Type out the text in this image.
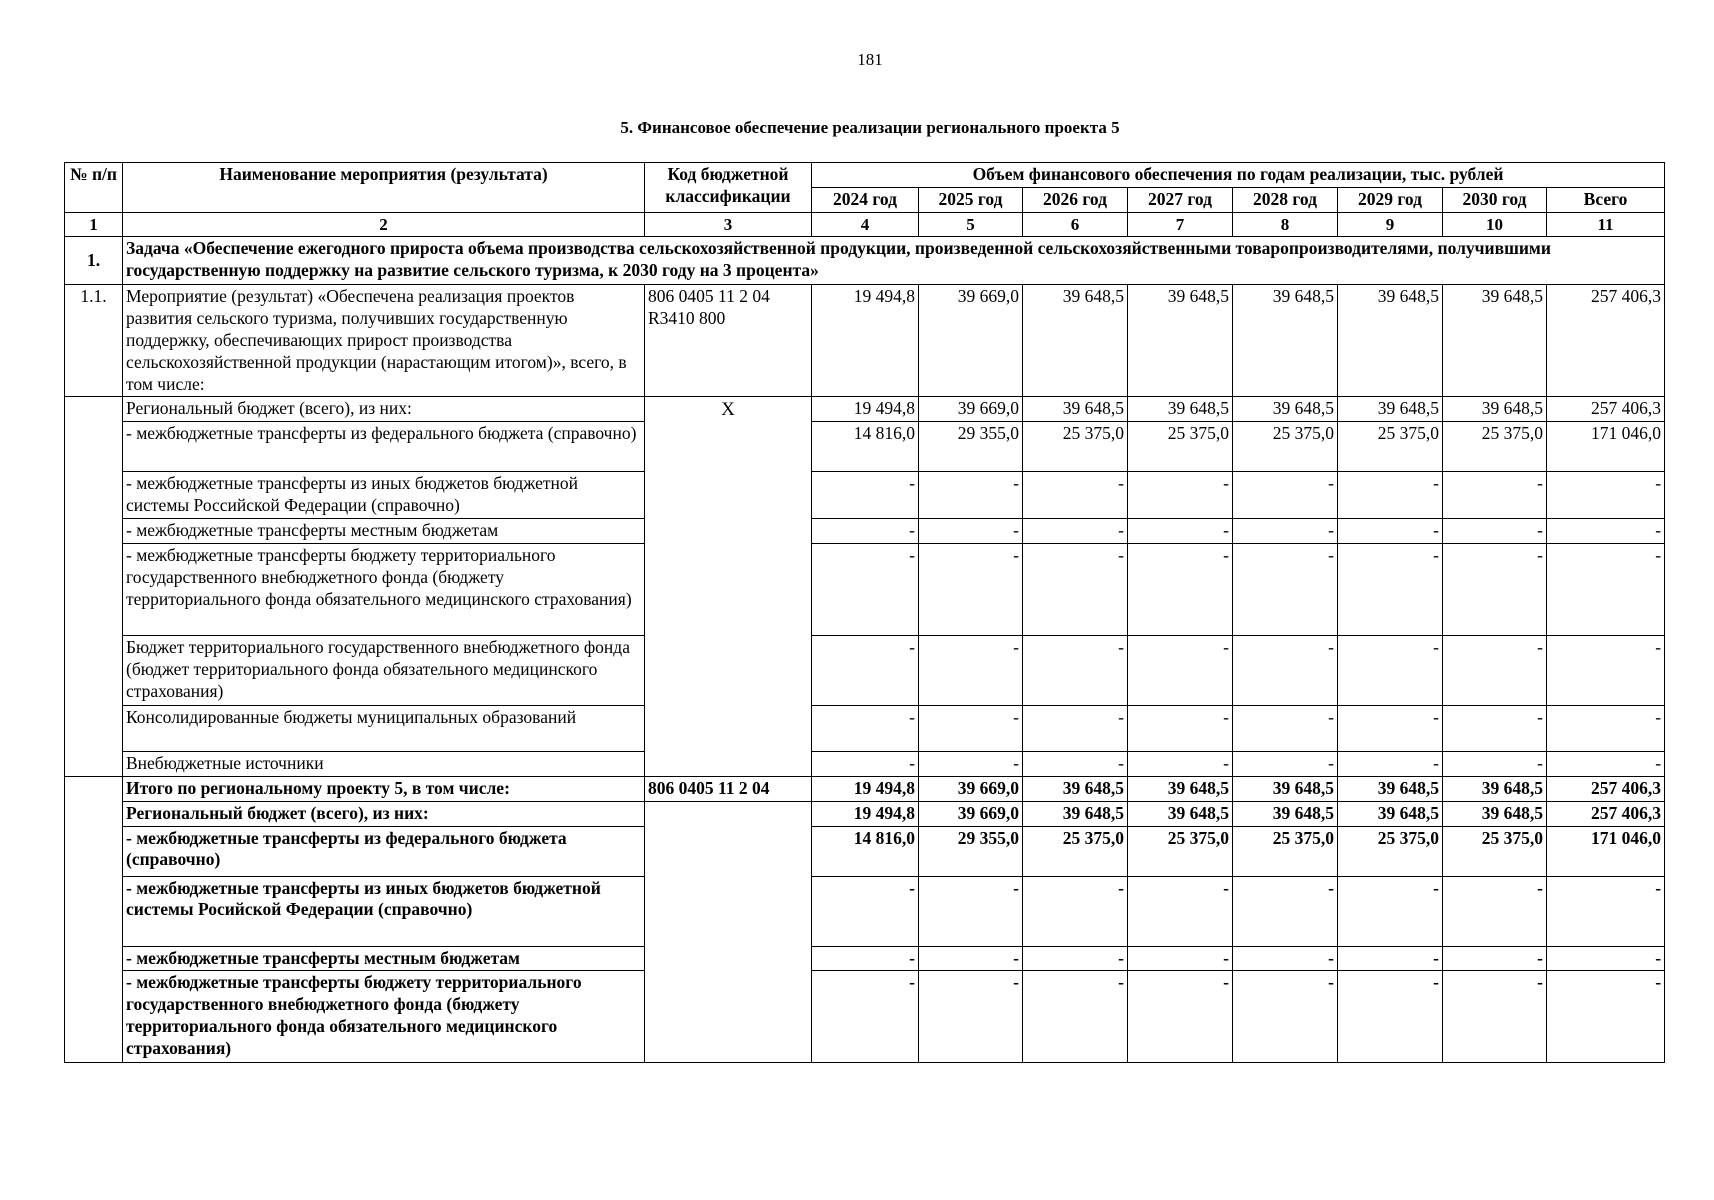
181
5. Финансовое обеспечение реализации регионального проекта 5
№ п/п	Наименование мероприятия (результата)	Код бюджетной классификации	Объем финансового обеспечения по годам реализации, тыс. рублей							
			2024 год	2025 год	2026 год	2027 год	2028 год	2029 год	2030 год	Всего
1	2	3	4	5	6	7	8	9	10	11
1.	Задача «Обеспечение ежегодного прироста объема производства сельскохозяйственной продукции, произведенной сельскохозяйственными товаропроизводителями, получившими государственную поддержку на развитие сельского туризма, к 2030 году на 3 процента»									
1.1.	Мероприятие (результат) «Обеспечена реализация проектов развития сельского туризма, получивших государственную поддержку, обеспечивающих прирост производства сельскохозяйственной продукции (нарастающим итогом)», всего, в том числе:	806 0405 11 2 04 R3410 800	19 494,8	39 669,0	39 648,5	39 648,5	39 648,5	39 648,5	39 648,5	257 406,3
	Региональный бюджет (всего), из них:	X	19 494,8	39 669,0	39 648,5	39 648,5	39 648,5	39 648,5	39 648,5	257 406,3
	- межбюджетные трансферты из федерального бюджета (справочно)		14 816,0	29 355,0	25 375,0	25 375,0	25 375,0	25 375,0	25 375,0	171 046,0
	- межбюджетные трансферты из иных бюджетов бюджетной системы Российской Федерации (справочно)		-	-	-	-	-	-	-	-
	- межбюджетные трансферты местным бюджетам		-	-	-	-	-	-	-	-
	- межбюджетные трансферты бюджету территориального государственного внебюджетного фонда (бюджету территориального фонда обязательного медицинского страхования)		-	-	-	-	-	-	-	-
	Бюджет территориального государственного внебюджетного фонда (бюджет территориального фонда обязательного медицинского страхования)		-	-	-	-	-	-	-	-
	Консолидированные бюджеты муниципальных образований		-	-	-	-	-	-	-	-
	Внебюджетные источники		-	-	-	-	-	-	-	-
	Итого по региональному проекту 5, в том числе:	806 0405 11 2 04	19 494,8	39 669,0	39 648,5	39 648,5	39 648,5	39 648,5	39 648,5	257 406,3
	Региональный бюджет (всего), из них:		19 494,8	39 669,0	39 648,5	39 648,5	39 648,5	39 648,5	39 648,5	257 406,3
	- межбюджетные трансферты из федерального бюджета (справочно)		14 816,0	29 355,0	25 375,0	25 375,0	25 375,0	25 375,0	25 375,0	171 046,0
	- межбюджетные трансферты из иных бюджетов бюджетной системы Росийской Федерации (справочно)		-	-	-	-	-	-	-	-
	- межбюджетные трансферты местным бюджетам		-	-	-	-	-	-	-	-
	- межбюджетные трансферты бюджету территориального государственного внебюджетного фонда (бюджету территориального фонда обязательного медицинского страхования)		-	-	-	-	-	-	-	-
